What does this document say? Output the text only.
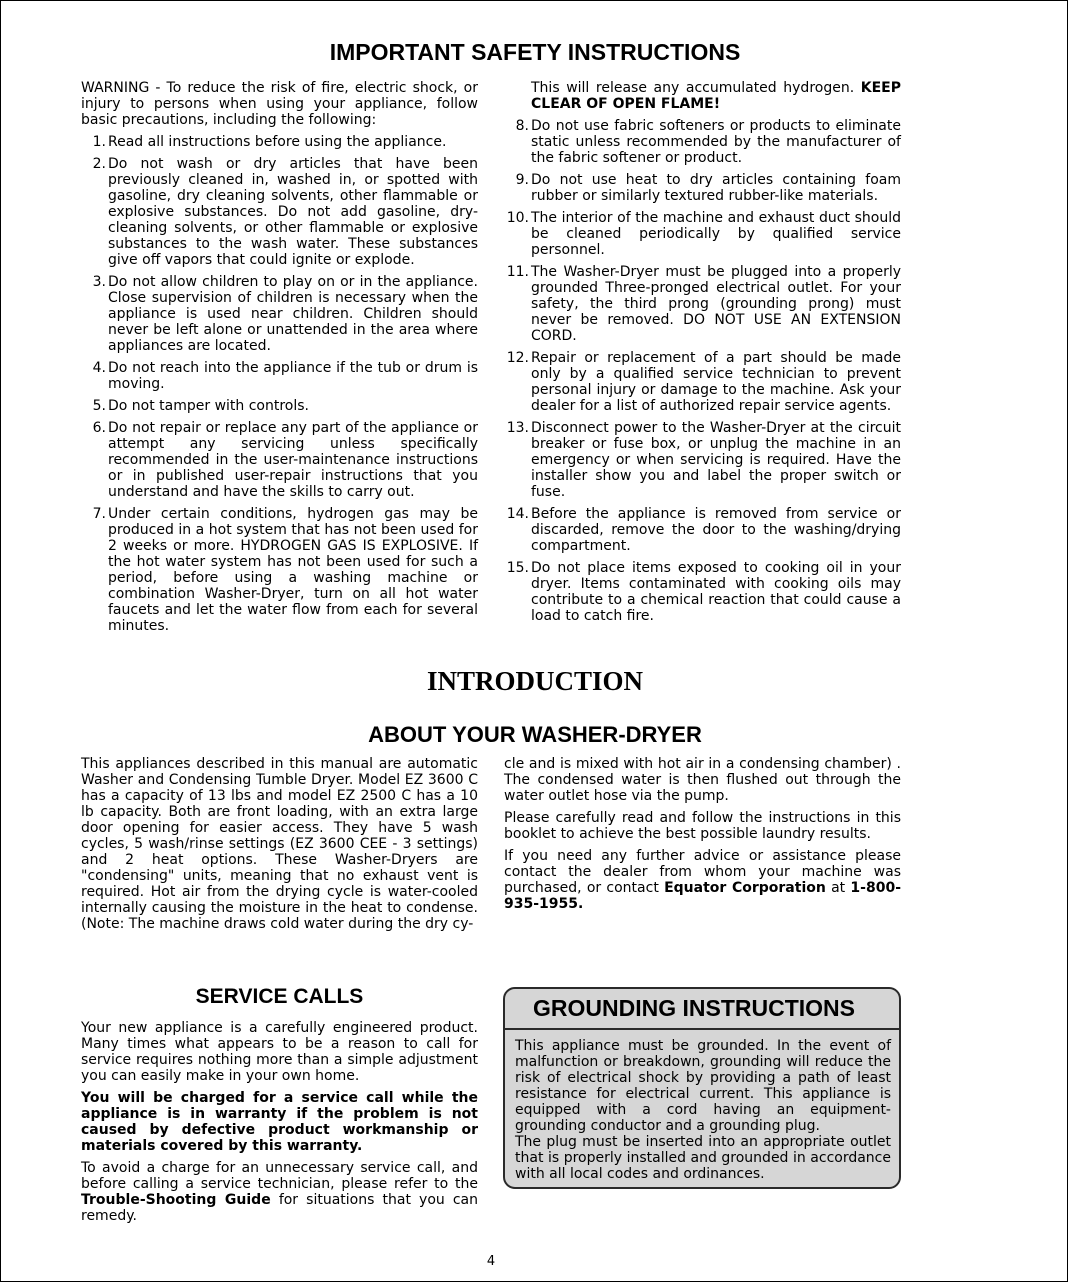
IMPORTANT SAFETY INSTRUCTIONS

WARNING - To reduce the risk of fire, electric shock, or injury to persons when using your appliance, follow basic precautions, including the following:

1. Read all instructions before using the appliance.
2. Do not wash or dry articles that have been previously cleaned in, washed in, or spotted with gasoline, dry cleaning solvents, other flammable or explosive substances. Do not add gasoline, dry-cleaning solvents, or other flammable or explosive substances to the wash water. These substances give off vapors that could ignite or explode.
3. Do not allow children to play on or in the appliance. Close supervision of children is necessary when the appliance is used near children. Children should never be left alone or unattended in the area where appliances are located.
4. Do not reach into the appliance if the tub or drum is moving.
5. Do not tamper with controls.
6. Do not repair or replace any part of the appliance or attempt any servicing unless specifically recommended in the user-maintenance instructions or in published user-repair instructions that you understand and have the skills to carry out.
7. Under certain conditions, hydrogen gas may be produced in a hot system that has not been used for 2 weeks or more. HYDROGEN GAS IS EXPLOSIVE. If the hot water system has not been used for such a period, before using a washing machine or combination Washer-Dryer, turn on all hot water faucets and let the water flow from each for several minutes.

This will release any accumulated hydrogen. KEEP CLEAR OF OPEN FLAME!

8. Do not use fabric softeners or products to eliminate static unless recommended by the manufacturer of the fabric softener or product.
9. Do not use heat to dry articles containing foam rubber or similarly textured rubber-like materials.
10. The interior of the machine and exhaust duct should be cleaned periodically by qualified service personnel.
11. The Washer-Dryer must be plugged into a properly grounded Three-pronged electrical outlet. For your safety, the third prong (grounding prong) must never be removed. DO NOT USE AN EXTENSION CORD.
12. Repair or replacement of a part should be made only by a qualified service technician to prevent personal injury or damage to the machine. Ask your dealer for a list of authorized repair service agents.
13. Disconnect power to the Washer-Dryer at the circuit breaker or fuse box, or unplug the machine in an emergency or when servicing is required. Have the installer show you and label the proper switch or fuse.
14. Before the appliance is removed from service or discarded, remove the door to the washing/drying compartment.
15. Do not place items exposed to cooking oil in your dryer. Items contaminated with cooking oils may contribute to a chemical reaction that could cause a load to catch fire.
INTRODUCTION
ABOUT YOUR WASHER-DRYER

This appliances described in this manual are automatic Washer and Condensing Tumble Dryer. Model EZ 3600 C has a capacity of 13 lbs and model EZ 2500 C has a 10 lb capacity. Both are front loading, with an extra large door opening for easier access. They have 5 wash cycles, 5 wash/rinse settings (EZ 3600 CEE - 3 settings) and 2 heat options. These Washer-Dryers are "condensing" units, meaning that no exhaust vent is required. Hot air from the drying cycle is water-cooled internally causing the moisture in the heat to condense. (Note: The machine draws cold water during the dry cy-

cle and is mixed with hot air in a condensing chamber) . The condensed water is then flushed out through the water outlet hose via the pump.

Please carefully read and follow the instructions in this booklet to achieve the best possible laundry results.

If you need any further advice or assistance please contact the dealer from whom your machine was purchased, or contact Equator Corporation at 1-800-935-1955.

SERVICE CALLS

Your new appliance is a carefully engineered product. Many times what appears to be a reason to call for service requires nothing more than a simple adjustment you can easily make in your own home.

You will be charged for a service call while the appliance is in warranty if the problem is not caused by defective product workmanship or materials covered by this warranty.

To avoid a charge for an unnecessary service call, and before calling a service technician, please refer to the Trouble-Shooting Guide for situations that you can remedy.

GROUNDING INSTRUCTIONS

This appliance must be grounded. In the event of malfunction or breakdown, grounding will reduce the risk of electrical shock by providing a path of least resistance for electrical current. This appliance is equipped with a cord having an equipment-grounding conductor and a grounding plug.

The plug must be inserted into an appropriate outlet that is properly installed and grounded in accordance with all local codes and ordinances.

4
